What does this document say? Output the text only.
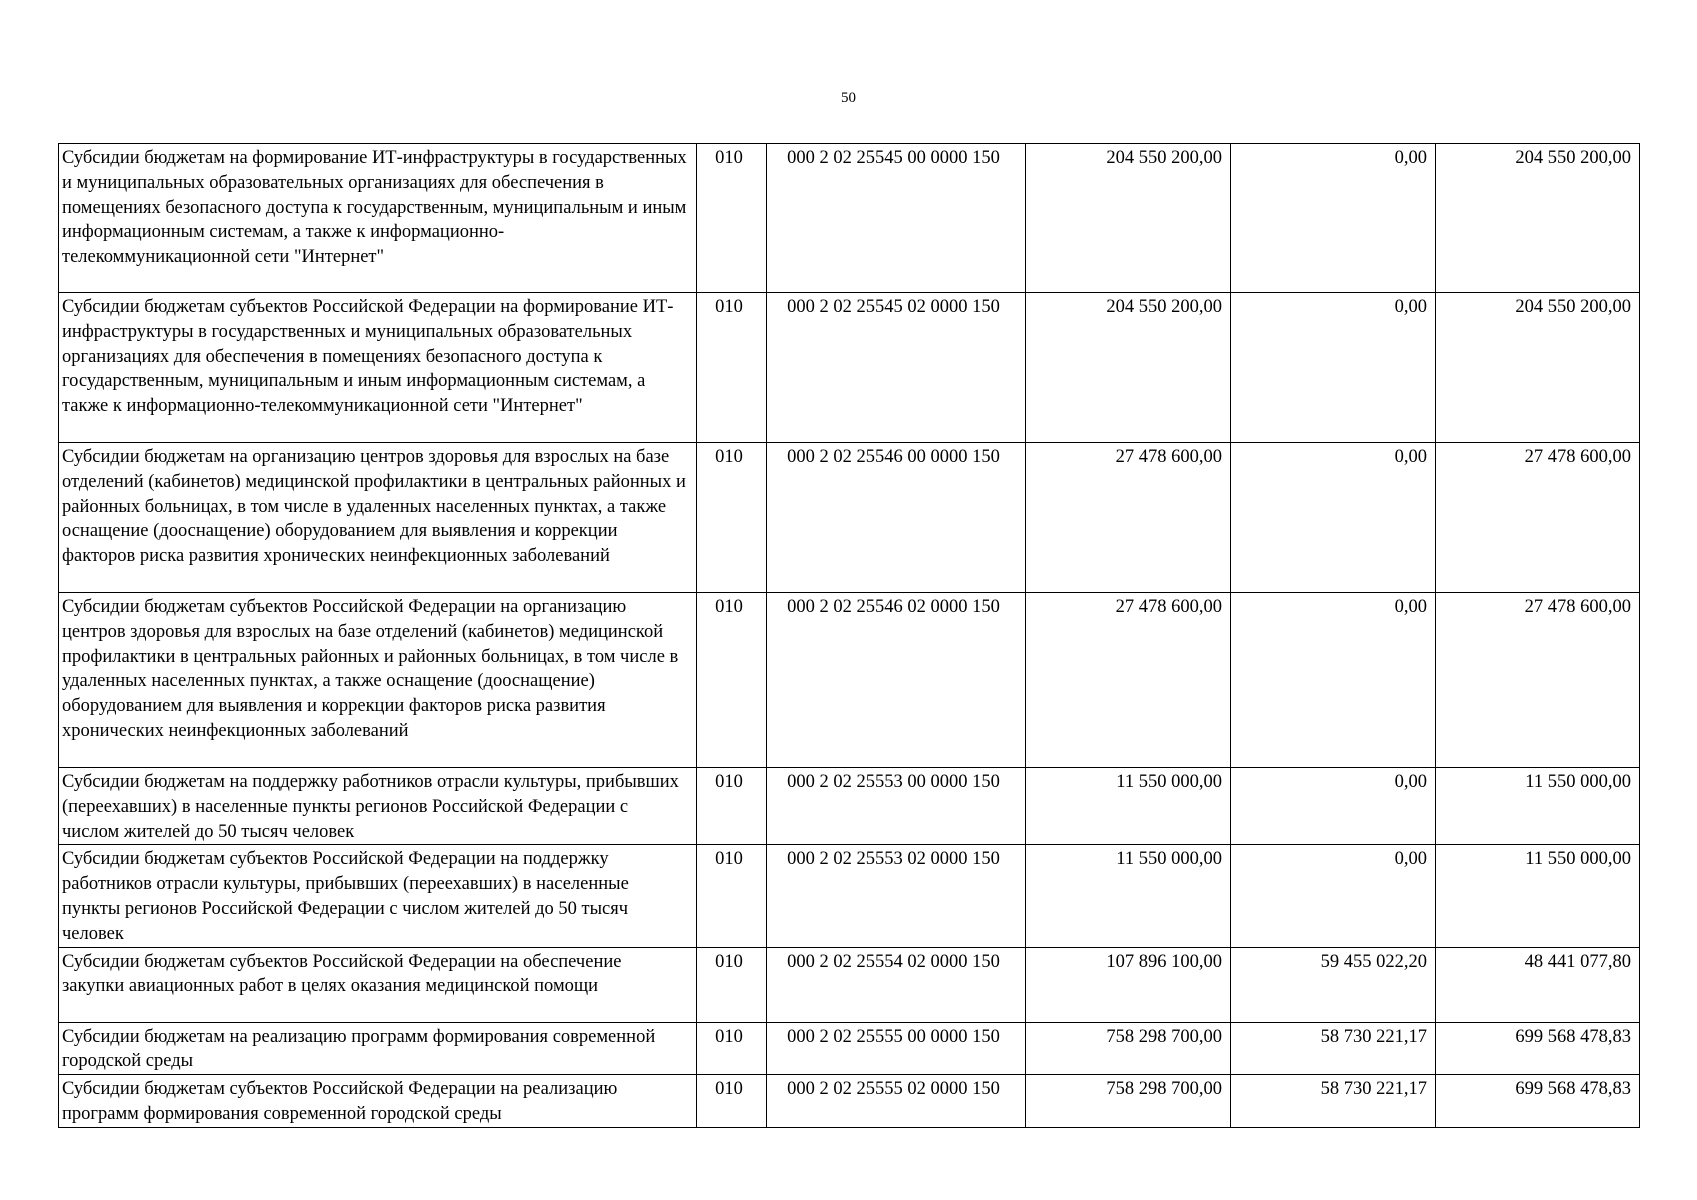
50
Субсидии бюджетам на формирование ИТ-инфраструктуры в государственных и муниципальных образовательных организациях для обеспечения в помещениях безопасного доступа к государственным, муниципальным и иным информационным системам, а также к информационно-телекоммуникационной сети "Интернет"	010	000 2 02 25545 00 0000 150	204 550 200,00	0,00	204 550 200,00
Субсидии бюджетам субъектов Российской Федерации на формирование ИТ-инфраструктуры в государственных и муниципальных образовательных организациях для обеспечения в помещениях безопасного доступа к государственным, муниципальным и иным информационным системам, а также к информационно-телекоммуникационной сети "Интернет"	010	000 2 02 25545 02 0000 150	204 550 200,00	0,00	204 550 200,00
Субсидии бюджетам на организацию центров здоровья для взрослых на базе отделений (кабинетов) медицинской профилактики в центральных районных и районных больницах, в том числе в удаленных населенных пунктах, а также оснащение (дооснащение) оборудованием для выявления и коррекции факторов риска развития хронических неинфекционных заболеваний	010	000 2 02 25546 00 0000 150	27 478 600,00	0,00	27 478 600,00
Субсидии бюджетам субъектов Российской Федерации на организацию центров здоровья для взрослых на базе отделений (кабинетов) медицинской профилактики в центральных районных и районных больницах, в том числе в удаленных населенных пунктах, а также оснащение (дооснащение) оборудованием для выявления и коррекции факторов риска развития хронических неинфекционных заболеваний	010	000 2 02 25546 02 0000 150	27 478 600,00	0,00	27 478 600,00
Субсидии бюджетам на поддержку работников отрасли культуры, прибывших (переехавших) в населенные пункты регионов Российской Федерации с числом жителей до 50 тысяч человек	010	000 2 02 25553 00 0000 150	11 550 000,00	0,00	11 550 000,00
Субсидии бюджетам субъектов Российской Федерации на поддержку работников отрасли культуры, прибывших (переехавших) в населенные пункты регионов Российской Федерации с числом жителей до 50 тысяч человек	010	000 2 02 25553 02 0000 150	11 550 000,00	0,00	11 550 000,00
Субсидии бюджетам субъектов Российской Федерации на обеспечение закупки авиационных работ в целях оказания медицинской помощи	010	000 2 02 25554 02 0000 150	107 896 100,00	59 455 022,20	48 441 077,80
Субсидии бюджетам на реализацию программ формирования современной городской среды	010	000 2 02 25555 00 0000 150	758 298 700,00	58 730 221,17	699 568 478,83
Субсидии бюджетам субъектов Российской Федерации на реализацию программ формирования современной городской среды	010	000 2 02 25555 02 0000 150	758 298 700,00	58 730 221,17	699 568 478,83
